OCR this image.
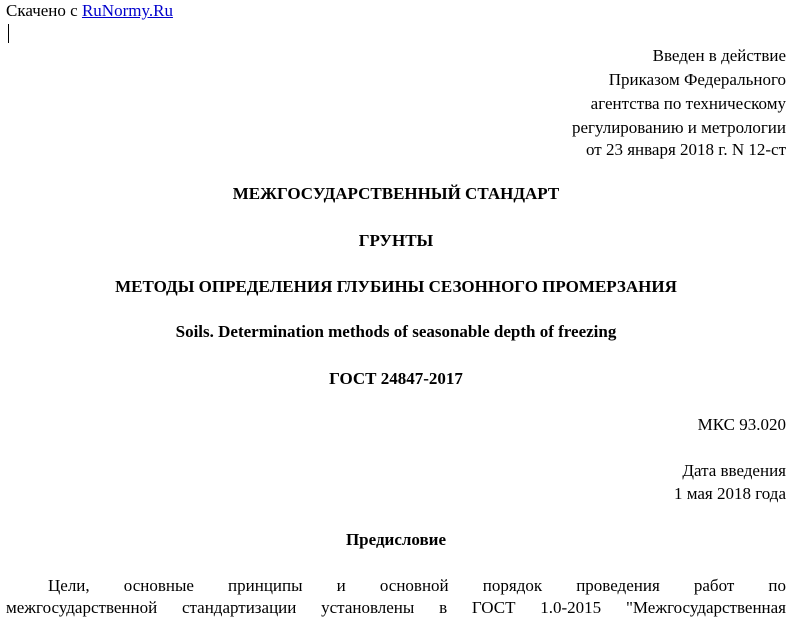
Скачено с RuNormy.Ru
Введен в действие
Приказом Федерального
агентства по техническому
регулированию и метрологии
от 23 января 2018 г. N 12-ст
МЕЖГОСУДАРСТВЕННЫЙ СТАНДАРТ
ГРУНТЫ
МЕТОДЫ ОПРЕДЕЛЕНИЯ ГЛУБИНЫ СЕЗОННОГО ПРОМЕРЗАНИЯ
Soils. Determination methods of seasonable depth of freezing
ГОСТ 24847-2017
МКС 93.020
Дата введения
1 мая 2018 года
Предисловие
Цели, основные принципы и основной порядок проведения работ по
межгосударственной стандартизации установлены в ГОСТ 1.0-2015 "Межгосударственная
